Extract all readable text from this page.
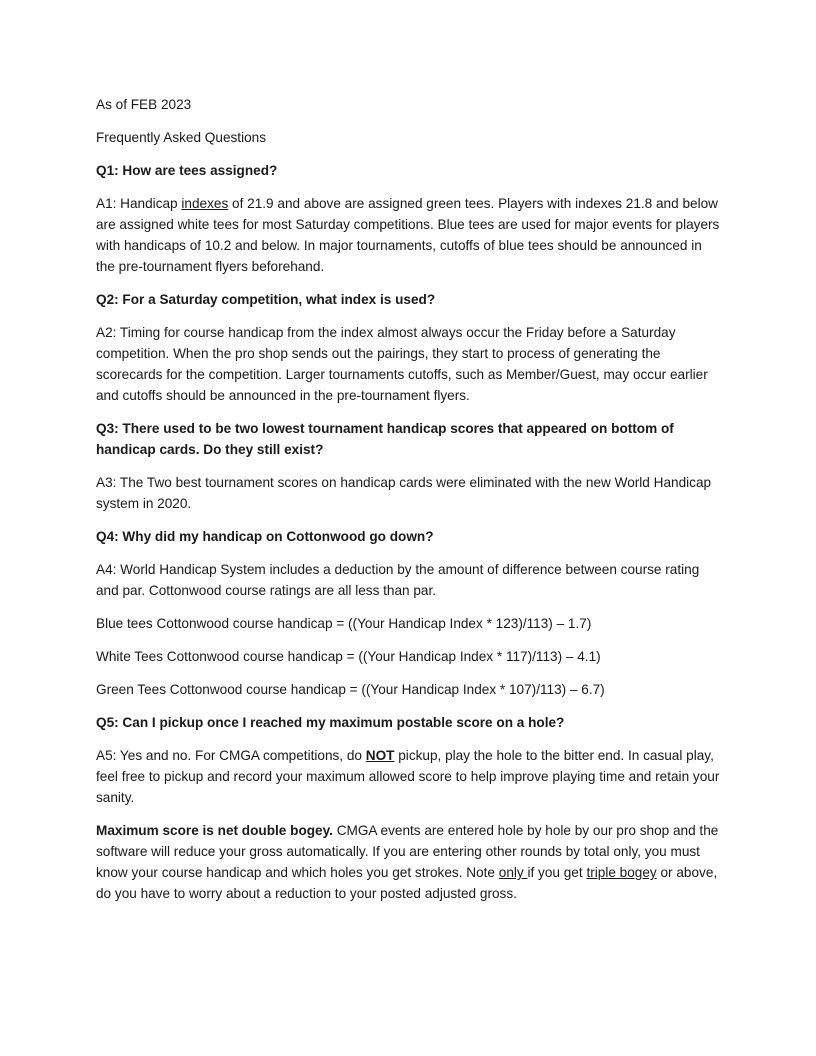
As of FEB 2023

Frequently Asked Questions

Q1: How are tees assigned?

A1: Handicap indexes of 21.9 and above are assigned green tees. Players with indexes 21.8 and below are assigned white tees for most Saturday competitions. Blue tees are used for major events for players with handicaps of 10.2 and below. In major tournaments, cutoffs of blue tees should be announced in the pre-tournament flyers beforehand.

Q2: For a Saturday competition, what index is used?

A2: Timing for course handicap from the index almost always occur the Friday before a Saturday competition. When the pro shop sends out the pairings, they start to process of generating the scorecards for the competition. Larger tournaments cutoffs, such as Member/Guest, may occur earlier and cutoffs should be announced in the pre-tournament flyers.

Q3: There used to be two lowest tournament handicap scores that appeared on bottom of handicap cards. Do they still exist?

A3: The Two best tournament scores on handicap cards were eliminated with the new World Handicap system in 2020.

Q4: Why did my handicap on Cottonwood go down?

A4: World Handicap System includes a deduction by the amount of difference between course rating and par. Cottonwood course ratings are all less than par.

Blue tees Cottonwood course handicap = ((Your Handicap Index * 123)/113) – 1.7)

White Tees Cottonwood course handicap = ((Your Handicap Index * 117)/113) – 4.1)

Green Tees Cottonwood course handicap = ((Your Handicap Index * 107)/113) – 6.7)

Q5: Can I pickup once I reached my maximum postable score on a hole?

A5: Yes and no. For CMGA competitions, do NOT pickup, play the hole to the bitter end. In casual play, feel free to pickup and record your maximum allowed score to help improve playing time and retain your sanity.

Maximum score is net double bogey. CMGA events are entered hole by hole by our pro shop and the software will reduce your gross automatically. If you are entering other rounds by total only, you must know your course handicap and which holes you get strokes. Note only if you get triple bogey or above, do you have to worry about a reduction to your posted adjusted gross.
